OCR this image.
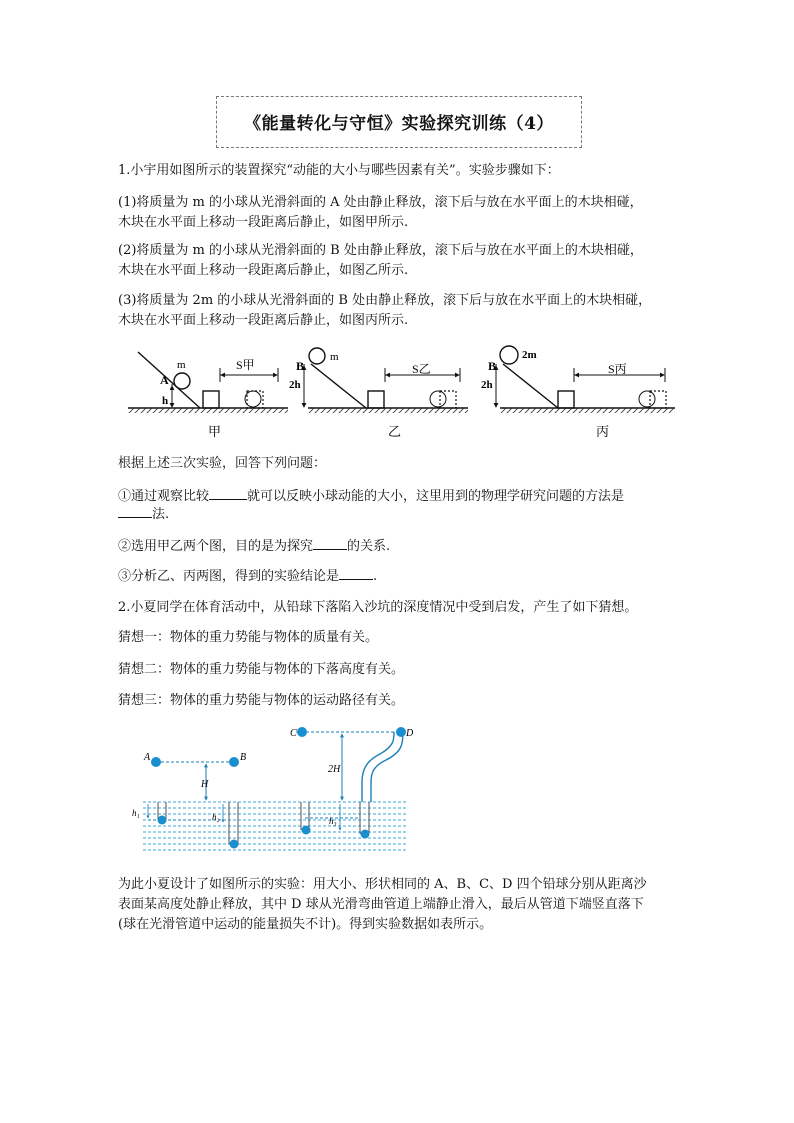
《能量转化与守恒》实验探究训练（4）
1.小宇用如图所示的装置探究“动能的大小与哪些因素有关”。实验步骤如下：
(1)将质量为 m 的小球从光滑斜面的 A 处由静止释放，滚下后与放在水平面上的木块相碰，
木块在水平面上移动一段距离后静止，如图甲所示.
(2)将质量为 m 的小球从光滑斜面的 B 处由静止释放，滚下后与放在水平面上的木块相碰，
木块在水平面上移动一段距离后静止，如图乙所示.
(3)将质量为 2m 的小球从光滑斜面的 B 处由静止释放，滚下后与放在水平面上的木块相碰，
木块在水平面上移动一段距离后静止，如图丙所示.
m
A
h
S甲
甲
m
B
2h
S乙
乙
2m
B
2h
S丙
丙
根据上述三次实验，回答下列问题：
①通过观察比较	就可以反映小球动能的大小，这里用到的物理学研究问题的方法是
法.
②选用甲乙两个图，目的是为探究	的关系.
③分析乙、丙两图，得到的实验结论是	.
2.小夏同学在体育活动中，从铅球下落陷入沙坑的深度情况中受到启发，产生了如下猜想。
猜想一：物体的重力势能与物体的质量有关。
猜想二：物体的重力势能与物体的下落高度有关。
猜想三：物体的重力势能与物体的运动路径有关。
A	B
C	D
H
2H
h₁	h₂	h₃
为此小夏设计了如图所示的实验：用大小、形状相同的 A、B、C、D 四个铅球分别从距离沙
表面某高度处静止释放，其中 D 球从光滑弯曲管道上端静止滑入，最后从管道下端竖直落下
(球在光滑管道中运动的能量损失不计)。得到实验数据如表所示。
